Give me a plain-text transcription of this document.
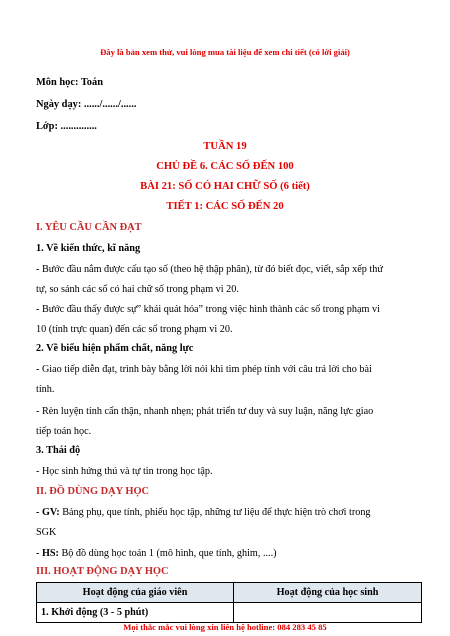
Đây là bản xem thử, vui lòng mua tài liệu để xem chi tiết (có lời giải)
Môn học: Toán
Ngày dạy: ....../....../......
Lớp: ..............
TUẦN 19
CHỦ ĐỀ 6. CÁC SỐ ĐẾN 100
BÀI 21: SỐ CÓ HAI CHỮ SỐ (6 tiết)
TIẾT 1: CÁC SỐ ĐẾN 20
I. YÊU CẦU CẦN ĐẠT
1. Về kiến thức, kĩ năng
- Bước đầu nắm được cấu tạo số (theo hệ thập phân), từ đó biết đọc, viết, sắp xếp thứ
tự, so sánh các số có hai chữ số trong phạm vi 20.
- Bước đầu thấy được sự” khái quát hóa” trong việc hình thành các số trong phạm vi
10 (tính trực quan) đến các số trong phạm vi 20.
2. Về biểu hiện phẩm chất, năng lực
- Giao tiếp diễn đạt, trình bày bằng lời nói khi tìm phép tính với câu trả lời cho bài
tính.
- Rèn luyện tính cẩn thận, nhanh nhẹn; phát triển tư duy và suy luận, năng lực giao
tiếp toán học.
3. Thái độ
- Học sinh hứng thú và tự tin trong học tập.
II. ĐỒ DÙNG DẠY HỌC
- GV: Bảng phụ, que tính, phiếu học tập, những tư liệu để thực hiện trò chơi trong
SGK
- HS: Bộ đồ dùng học toán 1 (mô hình, que tính, ghim, ....)
III. HOẠT ĐỘNG DẠY HỌC
Hoạt động của giáo viên	Hoạt động của học sinh
1. Khởi động (3 - 5 phút)	
Mọi thắc mắc vui lòng xin liên hệ hotline: 084 283 45 85
